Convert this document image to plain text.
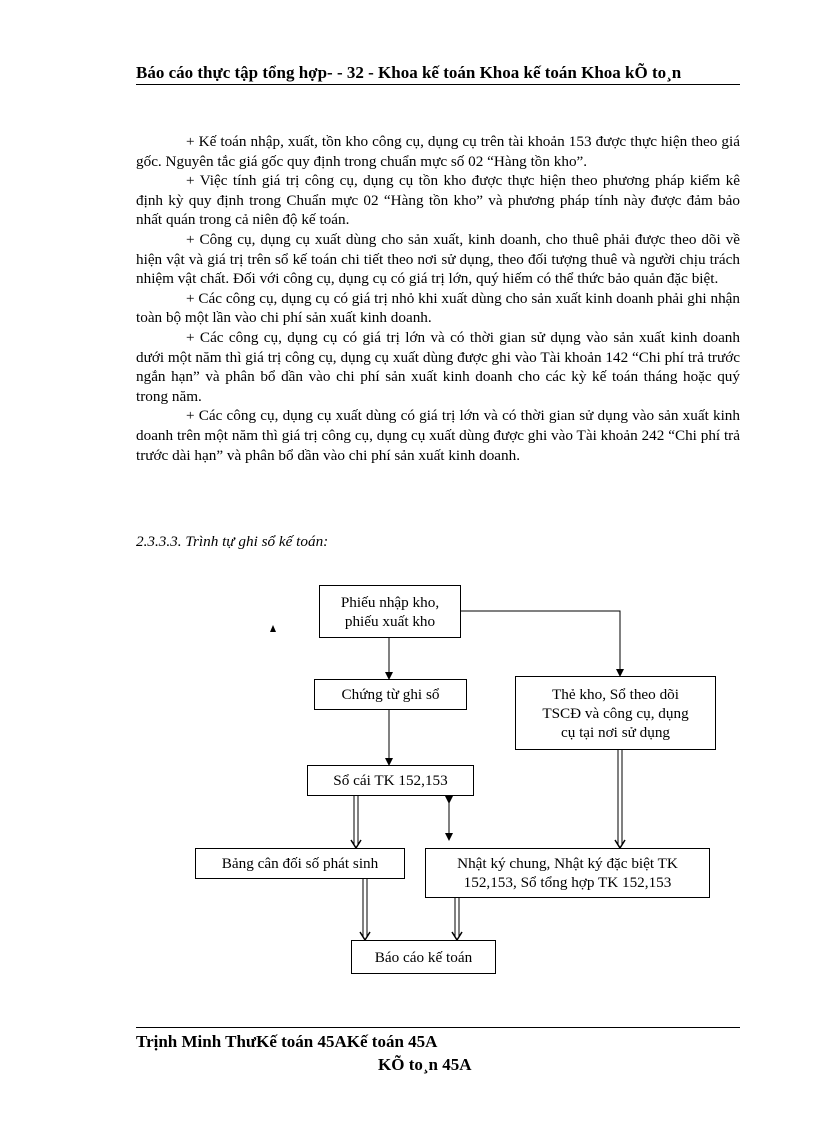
Báo cáo thực tập tổng hợp- - 32 - Khoa kế toán Khoa kế toán Khoa kÕ to¸n

+ Kế toán nhập, xuất, tồn kho công cụ, dụng cụ trên tài khoản 153 được thực hiện theo giá gốc. Nguyên tắc giá gốc quy định trong chuẩn mực số 02 “Hàng tồn kho”.

+ Việc tính giá trị công cụ, dụng cụ tồn kho được thực hiện theo phương pháp kiểm kê định kỳ quy định trong Chuẩn mực 02 “Hàng tồn kho” và phương pháp tính này được đảm bảo nhất quán trong cả niên độ kế toán.

+ Công cụ, dụng cụ xuất dùng cho sản xuất, kinh doanh, cho thuê phải được theo dõi về hiện vật và giá trị trên sổ kế toán chi tiết theo nơi sử dụng, theo đối tượng thuê và người chịu trách nhiệm vật chất. Đối với công cụ, dụng cụ có giá trị lớn, quý hiếm có thể thức bảo quản đặc biệt.

+ Các công cụ, dụng cụ có giá trị nhỏ khi xuất dùng cho sản xuất kinh doanh phải ghi nhận toàn bộ một lần vào chi phí sản xuất kinh doanh.

+ Các công cụ, dụng cụ có giá trị lớn và có thời gian sử dụng vào sản xuất kinh doanh dưới một năm thì giá trị công cụ, dụng cụ xuất dùng được ghi vào Tài khoản 142 “Chi phí trả trước ngắn hạn” và phân bổ dần vào chi phí sản xuất kinh doanh cho các kỳ kế toán tháng hoặc quý trong năm.

+ Các công cụ, dụng cụ xuất dùng có giá trị lớn và có thời gian sử dụng vào sản xuất kinh doanh trên một năm thì giá trị công cụ, dụng cụ xuất dùng được ghi vào Tài khoản 242 “Chi phí trả trước dài hạn” và phân bổ dần vào chi phí sản xuất kinh doanh.

2.3.3.3. Trình tự ghi sổ kế toán:
Phiếu nhập kho,
phiếu xuất kho
Chứng từ ghi sổ	Thẻ kho, Sổ theo dõi
TSCĐ và công cụ, dụng
cụ tại nơi sử dụng
Sổ cái TK 152,153
Bảng cân đối số phát sinh	Nhật ký chung, Nhật ký đặc biệt TK
152,153, Sổ tổng hợp TK 152,153
Báo cáo kế toán
Trịnh Minh ThưKế toán 45AKế toán 45A
KÕ to¸n 45A
